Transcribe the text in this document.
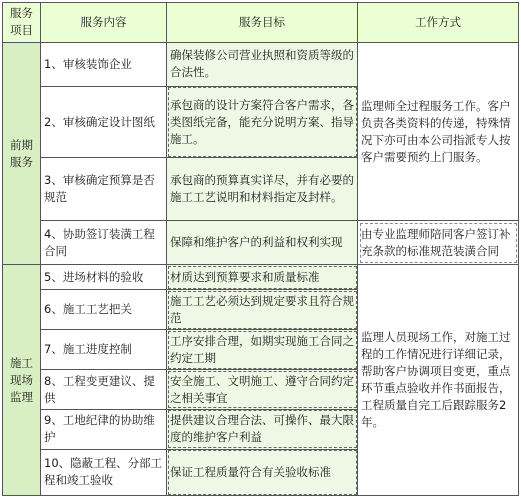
服务项目	服务内容	服务目标	工作方式
前期服务	1、审核装饰企业	确保装修公司营业执照和资质等级的合法性。	监理师全过程服务工作。客户负责各类资料的传递，特殊情况下亦可由本公司指派专人按客户需要预约上门服务。
	2、审核确定设计图纸	承包商的设计方案符合客户需求，各类图纸完备，能充分说明方案、指导施工。	
	3、审核确定预算是否规范	承包商的预算真实详尽，并有必要的施工工艺说明和材料指定及封样。	
	4、协助签订装潢工程合同	保障和维护客户的利益和权利实现	由专业监理师陪同客户签订补充条款的标准规范装潢合同
施工现场监理	5、进场材料的验收	材质达到预算要求和质量标准	监理人员现场工作，对施工过程的工作情况进行详细记录，帮助客户协调项目变更，重点环节重点验收并作书面报告，工程质量自完工后跟踪服务2年。
	6、施工工艺把关	施工工艺必须达到规定要求且符合规范	
	7、施工进度控制	工序安排合理，如期实现施工合同之约定工期	
	8、工程变更建议、提供	安全施工、文明施工、遵守合同约定之相关事宜	
	9、工地纪律的协助维护	提供建议合理合法、可操作、最大限度的维护客户利益	
	10、隐蔽工程、分部工程和竣工验收	保证工程质量符合有关验收标准	
